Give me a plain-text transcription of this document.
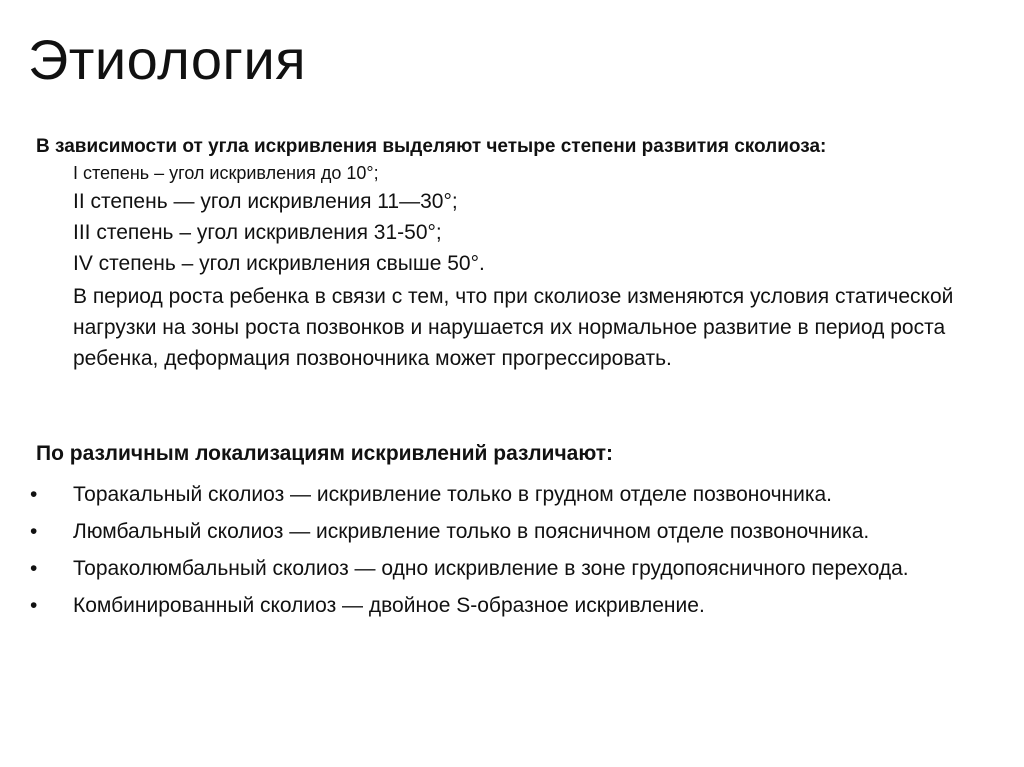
Этиология

В зависимости от угла искривления выделяют четыре степени развития сколиоза:

I степень – угол искривления до 10°;
II степень — угол искривления 11—30°;
III степень – угол искривления 31-50°;
IV степень – угол искривления свыше 50°.

В период роста ребенка в связи с тем, что при сколиозе изменяются условия статической нагрузки на зоны роста позвонков и нарушается их нормальное развитие в период роста ребенка, деформация позвоночника может прогрессировать.

По различным локализациям искривлений различают:

•	Торакальный сколиоз — искривление только в грудном отделе позвоночника.
•	Люмбальный сколиоз — искривление только в поясничном отделе позвоночника.
•	Тораколюмбальный сколиоз — одно искривление в зоне грудопоясничного перехода.
•	Комбинированный сколиоз — двойное S-образное искривление.
